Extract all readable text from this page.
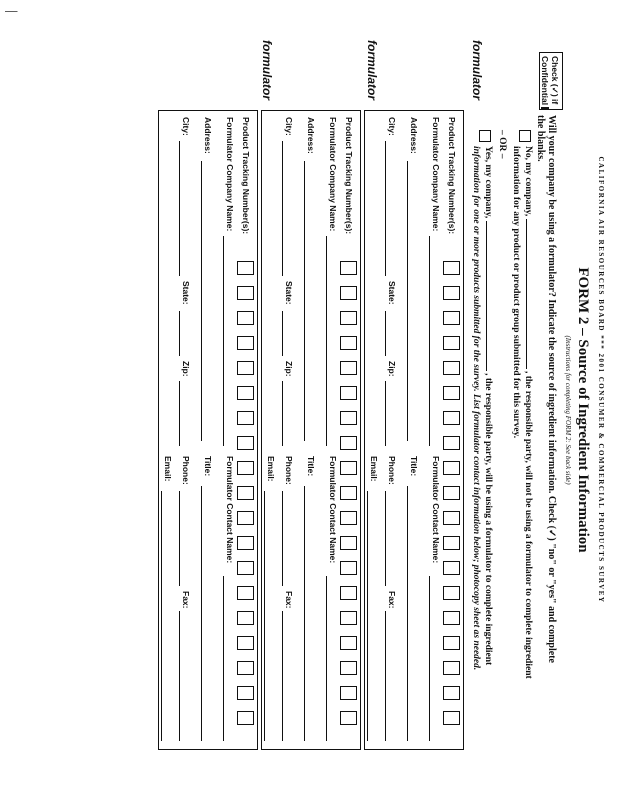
CALIFORNIA AIR RESOURCES BOARD *** 2001 CONSUMER & COMMERCIAL PRODUCTS SURVEY
FORM 2 – Source of Ingredient Information
(Instructions for completing FORM 2: See back side)
Check (✓) if
Confidential
Will your company be using a formulator? Indicate the source of ingredient information. Check (✓) "no" or "yes" and complete the blanks.
No, my company,  , the responsible party, will not be using a formulator to complete ingredient
information for any product or product group submitted for this survey.
– OR –
Yes, my company,  , the responsible party, will be using a formulator to complete ingredient
information for one or more products submitted for the survey. List formulator contact information below; photocopy sheet as needed.
formulator
formulator
formulator
Product Tracking Number(s):
Formulator Company Name:
Formulator Contact Name:
Address:
Title:
City:
State:
Zip:
Phone:
Fax:
Email:
Product Tracking Number(s):
Formulator Company Name:
Formulator Contact Name:
Address:
Title:
City:
State:
Zip:
Phone:
Fax:
Email:
Product Tracking Number(s):
Formulator Company Name:
Formulator Contact Name:
Address:
Title:
City:
State:
Zip:
Phone:
Fax:
Email:
|
